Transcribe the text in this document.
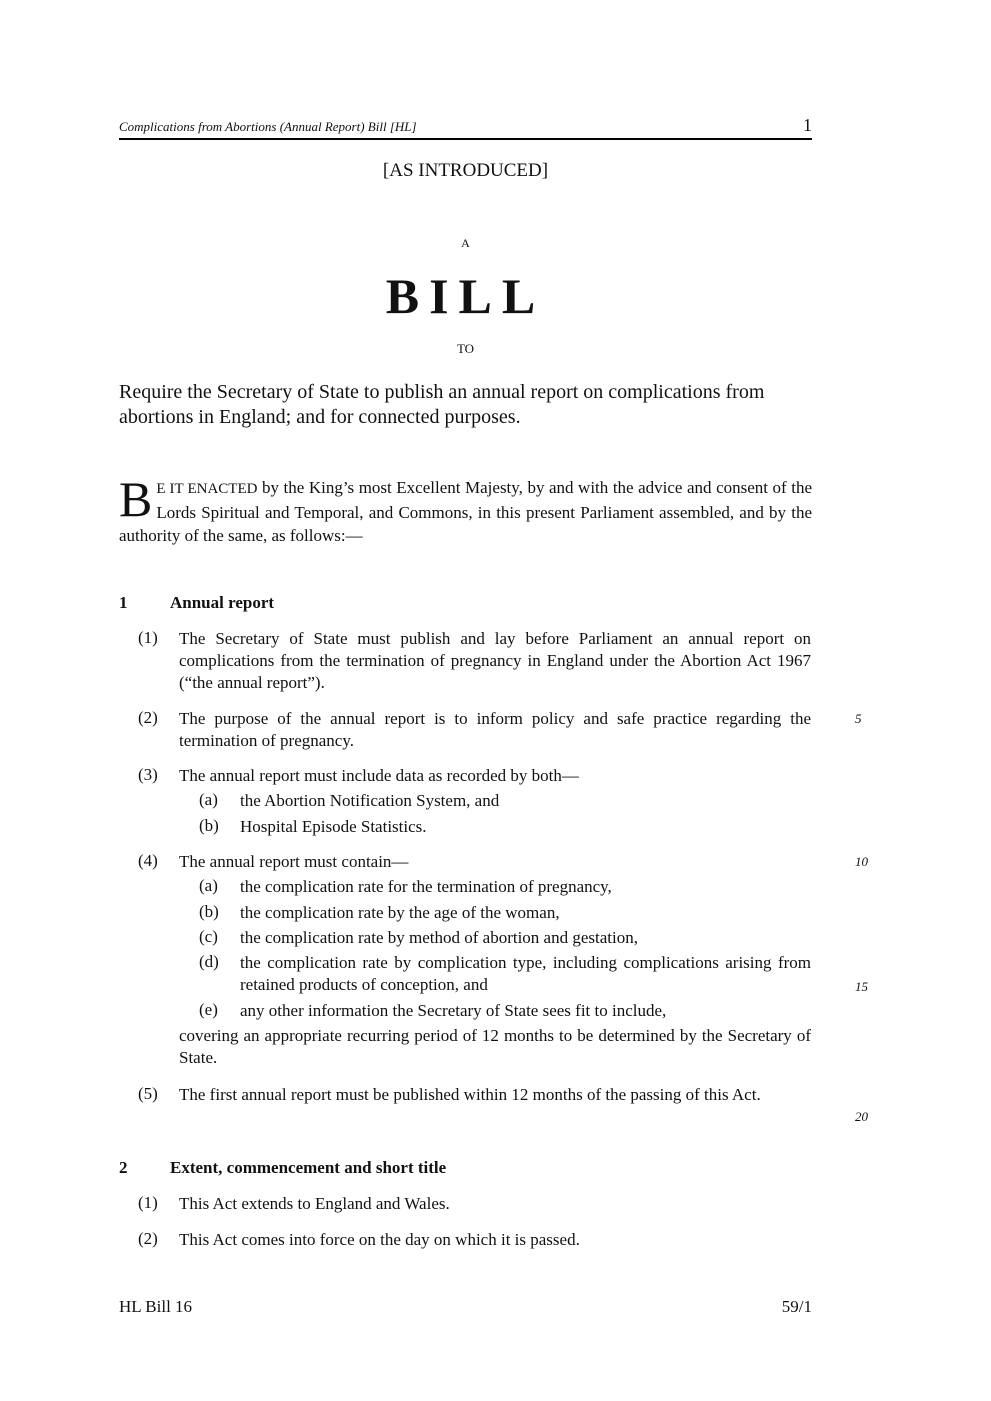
Complications from Abortions (Annual Report) Bill [HL]	1
[AS INTRODUCED]
A
BILL
TO
Require the Secretary of State to publish an annual report on complications from abortions in England; and for connected purposes.
B E IT ENACTED by the King’s most Excellent Majesty, by and with the advice and consent of the Lords Spiritual and Temporal, and Commons, in this present Parliament assembled, and by the authority of the same, as follows:—
1	Annual report
(1) The Secretary of State must publish and lay before Parliament an annual report on complications from the termination of pregnancy in England under the Abortion Act 1967 (“the annual report”).
(2) The purpose of the annual report is to inform policy and safe practice regarding the termination of pregnancy.
(3) The annual report must include data as recorded by both—
(a) the Abortion Notification System, and
(b) Hospital Episode Statistics.
(4) The annual report must contain—
(a) the complication rate for the termination of pregnancy,
(b) the complication rate by the age of the woman,
(c) the complication rate by method of abortion and gestation,
(d) the complication rate by complication type, including complications arising from retained products of conception, and
(e) any other information the Secretary of State sees fit to include,
covering an appropriate recurring period of 12 months to be determined by the Secretary of State.
(5) The first annual report must be published within 12 months of the passing of this Act.
2	Extent, commencement and short title
(1) This Act extends to England and Wales.
(2) This Act comes into force on the day on which it is passed.
5
10
15
20
HL Bill 16	59/1
